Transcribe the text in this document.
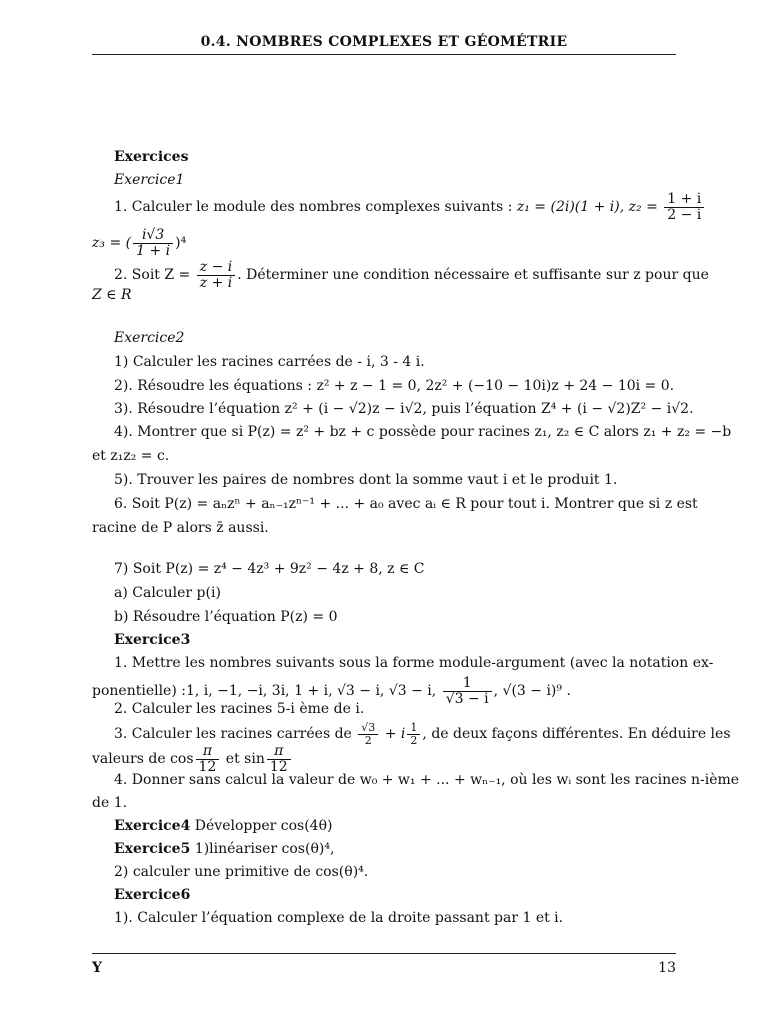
0.4. NOMBRES COMPLEXES ET GÉOMÉTRIE
Exercices
Exercice1
1. Calculer le module des nombres complexes suivants : z₁ = (2i)(1 + i), $z_2 = \frac{1 + i}{2 - i}$
z₃ = ( $\frac{i√3}{1 + i} )^4$
2. Soit $Z = \frac{z - i}{z + i}$ . Déterminer une condition nécessaire et suffisante sur z pour que
Z ∈ R
Exercice2
1) Calculer les racines carrées de - i, 3 - 4 i.
2). Résoudre les équations : z² + z − 1 = 0, 2z² + (−10 − 10i)z + 24 − 10i = 0.
3). Résoudre l’équation z² + (i − √2)z − i√2, puis l’équation Z⁴ + (i − √2)Z² − i√2.
4). Montrer que si P(z) = z² + bz + c possède pour racines z₁, z₂ ∈ C alors z₁ + z₂ = −b
et z₁z₂ = c.
5). Trouver les paires de nombres dont la somme vaut i et le produit 1.
6. Soit P(z) = aₙzⁿ + aₙ₋₁zⁿ⁻¹ + ... + a₀ avec aᵢ ∈ R pour tout i. Montrer que si z est
racine de P alors z̄ aussi.
7) Soit P(z) = z⁴ − 4z³ + 9z² − 4z + 8, z ∈ C
a) Calculer p(i)
b) Résoudre l’équation P(z) = 0
Exercice3
1. Mettre les nombres suivants sous la forme module-argument (avec la notation ex-
ponentielle) :1, i, −1, −i, 3i, 1 + i, √3 − i, √3 − i, $\frac{1}{√3 - i}$ , √(3 − i)⁹ .
2. Calculer les racines 5-i ème de i.
3. Calculer les racines carrées de $\frac{√3}{2} + i \frac{1}{2}$ , de deux façons différentes. En déduire les
valeurs de $\cos \frac{\pi}{12}$ et $\sin \frac{\pi}{12}$
4. Donner sans calcul la valeur de w₀ + w₁ + ... + wₙ₋₁, où les wᵢ sont les racines n-ième
de 1.
Exercice4 Développer cos(4θ)
Exercice5 1)linéariser cos(θ)⁴,
2) calculer une primitive de cos(θ)⁴.
Exercice6
1). Calculer l’équation complexe de la droite passant par 1 et i.
Y	13
